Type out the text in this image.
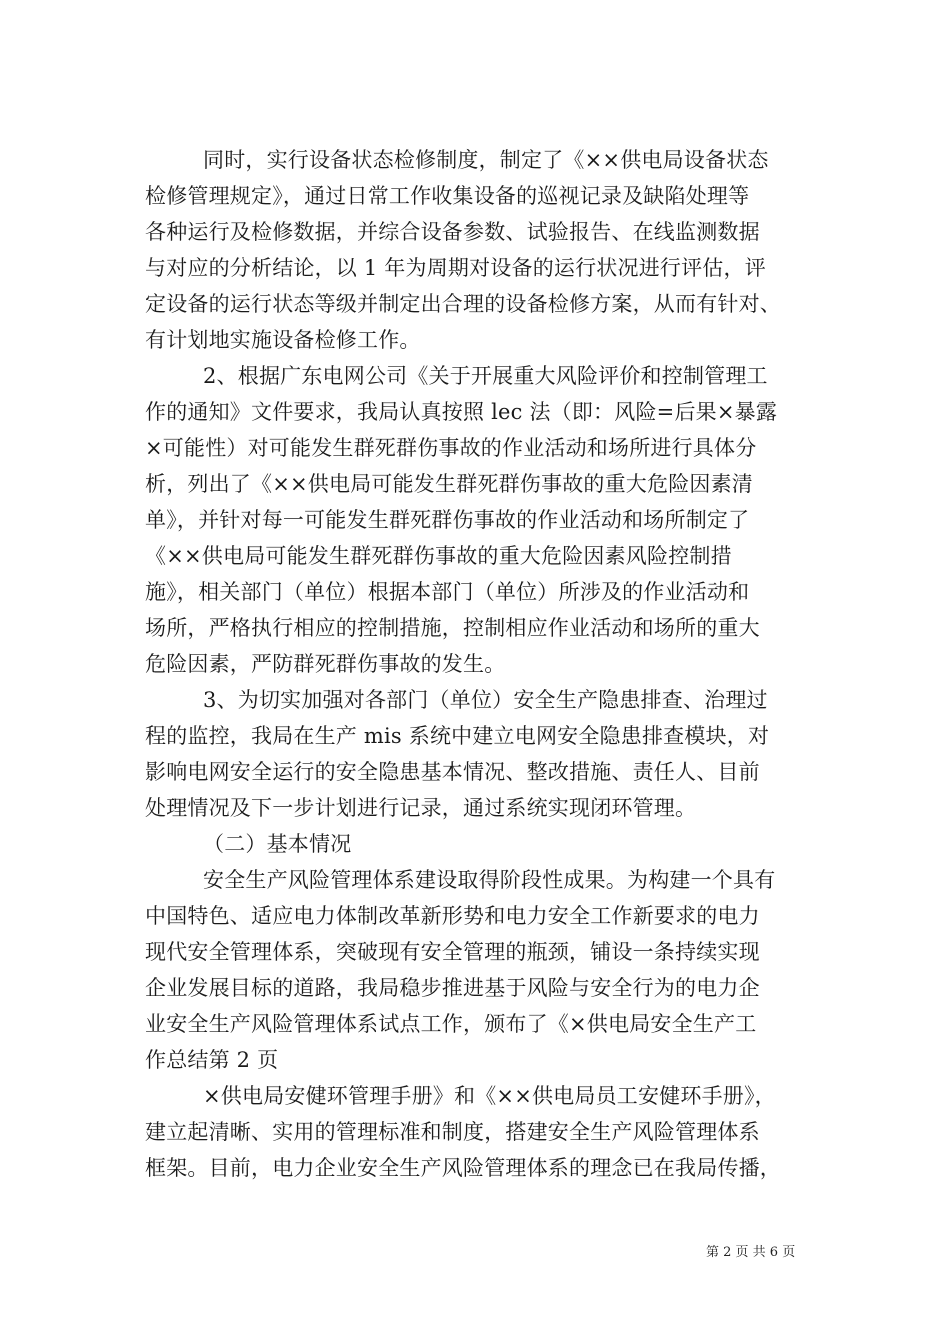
同时，实行设备状态检修制度，制定了《××供电局设备状态
检修管理规定》，通过日常工作收集设备的巡视记录及缺陷处理等
各种运行及检修数据，并综合设备参数、试验报告、在线监测数据
与对应的分析结论，以 1 年为周期对设备的运行状况进行评估，评
定设备的运行状态等级并制定出合理的设备检修方案，从而有针对、
有计划地实施设备检修工作。
2、根据广东电网公司《关于开展重大风险评价和控制管理工
作的通知》文件要求，我局认真按照 lec 法（即：风险=后果×暴露
×可能性）对可能发生群死群伤事故的作业活动和场所进行具体分
析，列出了《××供电局可能发生群死群伤事故的重大危险因素清
单》，并针对每一可能发生群死群伤事故的作业活动和场所制定了
《××供电局可能发生群死群伤事故的重大危险因素风险控制措
施》，相关部门（单位）根据本部门（单位）所涉及的作业活动和
场所，严格执行相应的控制措施，控制相应作业活动和场所的重大
危险因素，严防群死群伤事故的发生。
3、为切实加强对各部门（单位）安全生产隐患排查、治理过
程的监控，我局在生产 mis 系统中建立电网安全隐患排查模块，对
影响电网安全运行的安全隐患基本情况、整改措施、责任人、目前
处理情况及下一步计划进行记录，通过系统实现闭环管理。
（二）基本情况
安全生产风险管理体系建设取得阶段性成果。为构建一个具有
中国特色、适应电力体制改革新形势和电力安全工作新要求的电力
现代安全管理体系，突破现有安全管理的瓶颈，铺设一条持续实现
企业发展目标的道路，我局稳步推进基于风险与安全行为的电力企
业安全生产风险管理体系试点工作，颁布了《×供电局安全生产工
作总结第 2 页
×供电局安健环管理手册》和《××供电局员工安健环手册》，
建立起清晰、实用的管理标准和制度，搭建安全生产风险管理体系
框架。目前，电力企业安全生产风险管理体系的理念已在我局传播，
第 2 页 共 6 页
